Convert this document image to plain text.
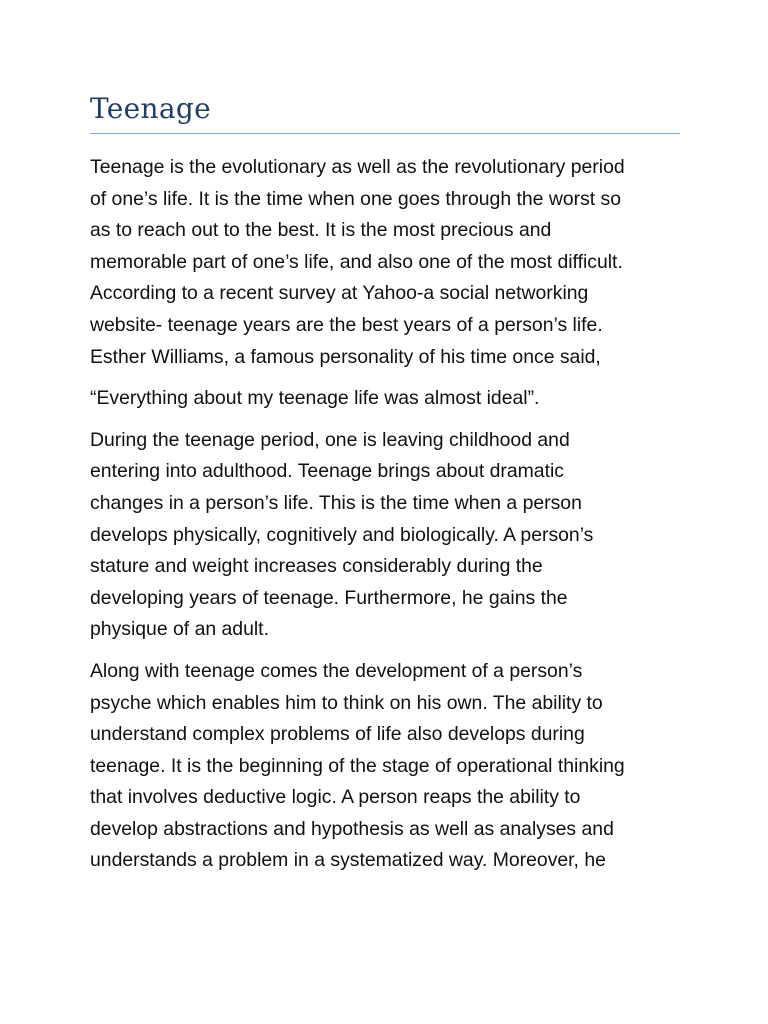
Teenage

Teenage is the evolutionary as well as the revolutionary period
of one’s life. It is the time when one goes through the worst so
as to reach out to the best. It is the most precious and
memorable part of one’s life, and also one of the most difficult.
According to a recent survey at Yahoo-a social networking
website- teenage years are the best years of a person’s life.
Esther Williams, a famous personality of his time once said,

“Everything about my teenage life was almost ideal”.

During the teenage period, one is leaving childhood and
entering into adulthood. Teenage brings about dramatic
changes in a person’s life. This is the time when a person
develops physically, cognitively and biologically. A person’s
stature and weight increases considerably during the
developing years of teenage. Furthermore, he gains the
physique of an adult.

Along with teenage comes the development of a person’s
psyche which enables him to think on his own. The ability to
understand complex problems of life also develops during
teenage. It is the beginning of the stage of operational thinking
that involves deductive logic. A person reaps the ability to
develop abstractions and hypothesis as well as analyses and
understands a problem in a systematized way. Moreover, he
